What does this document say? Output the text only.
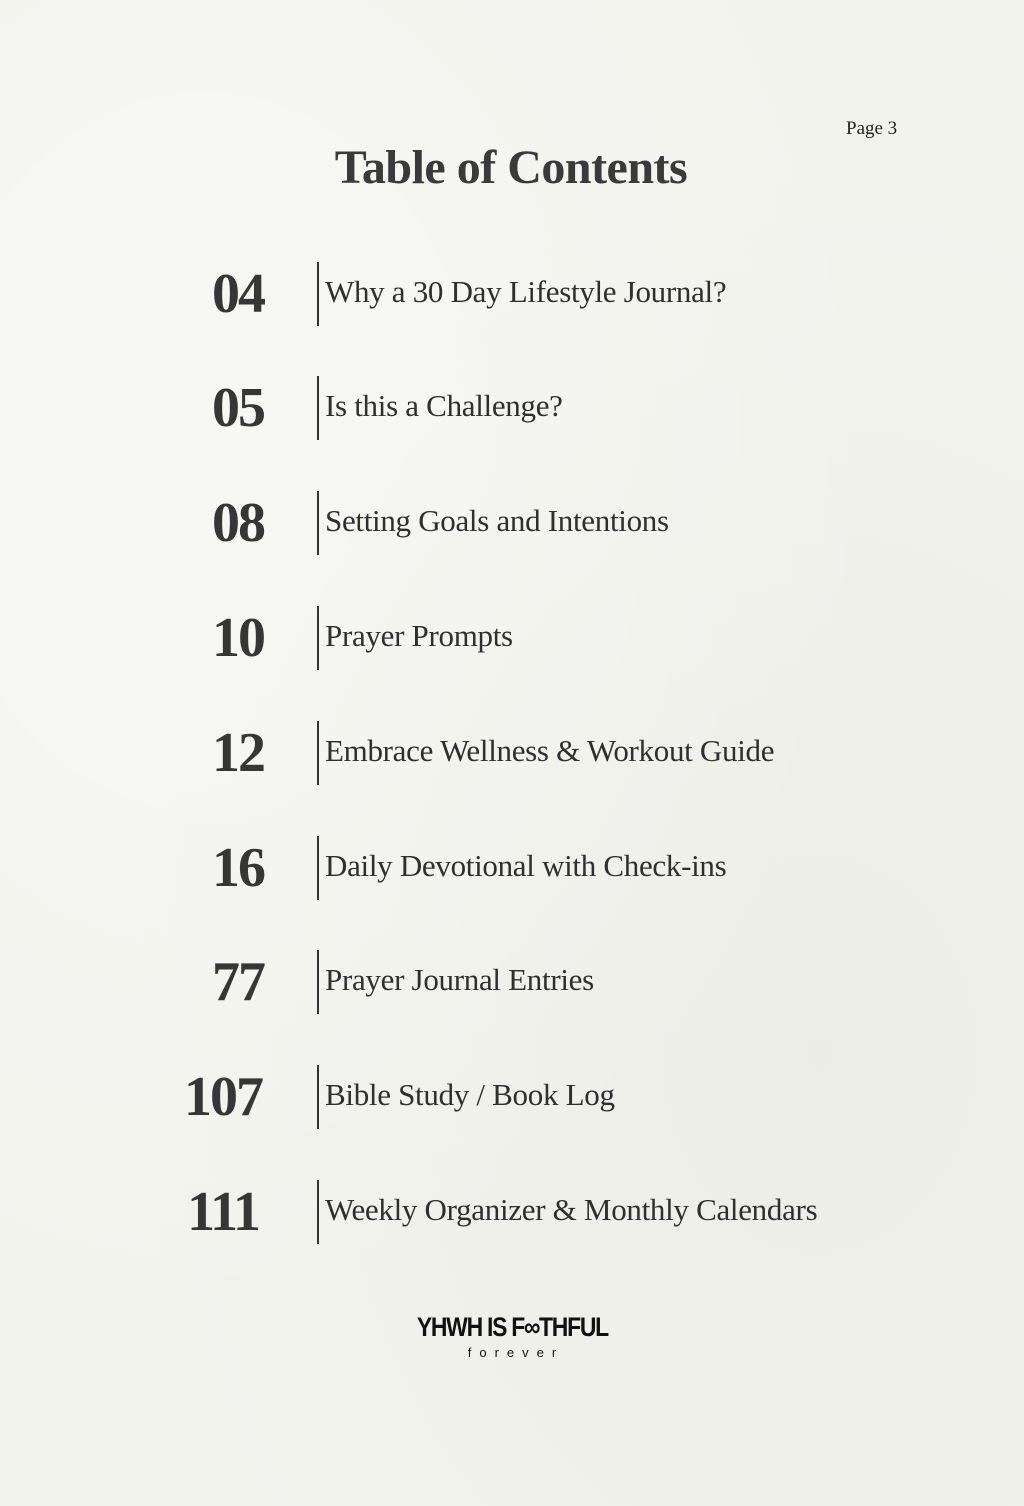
Page 3
Table of Contents
04	Why a 30 Day Lifestyle Journal?
05	Is this a Challenge?
08	Setting Goals and Intentions
10	Prayer Prompts
12	Embrace Wellness & Workout Guide
16	Daily Devotional with Check-ins
77	Prayer Journal Entries
107	Bible Study / Book Log
111	Weekly Organizer & Monthly Calendars
YHWH IS F∞THFUL
forever
